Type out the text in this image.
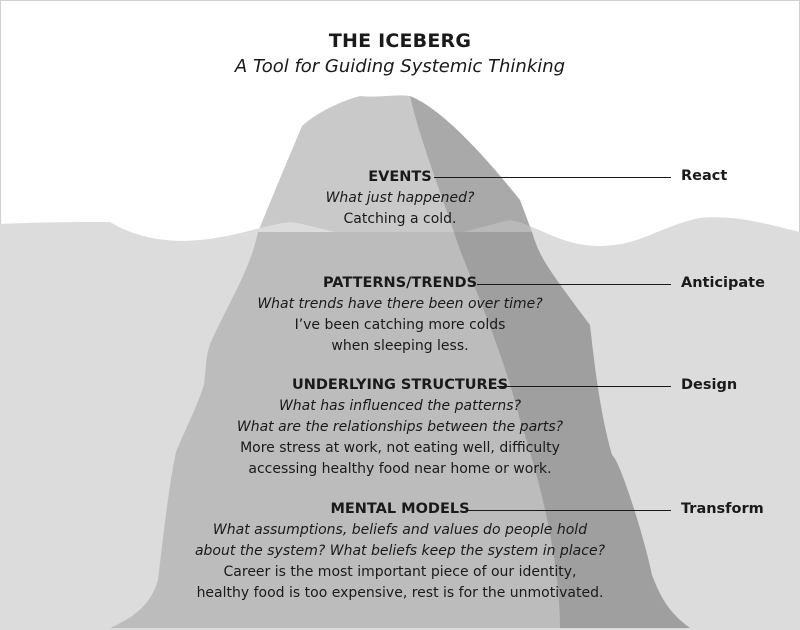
THE ICEBERG
A Tool for Guiding Systemic Thinking
EVENTS
What just happened?
Catching a cold.
PATTERNS/TRENDS
What trends have there been over time?
I’ve been catching more colds
when sleeping less.
UNDERLYING STRUCTURES
What has influenced the patterns?
What are the relationships between the parts?
More stress at work, not eating well, difficulty
accessing healthy food near home or work.
MENTAL MODELS
What assumptions, beliefs and values do people hold
about the system? What beliefs keep the system in place?
Career is the most important piece of our identity,
healthy food is too expensive, rest is for the unmotivated.
React
Anticipate
Design
Transform
